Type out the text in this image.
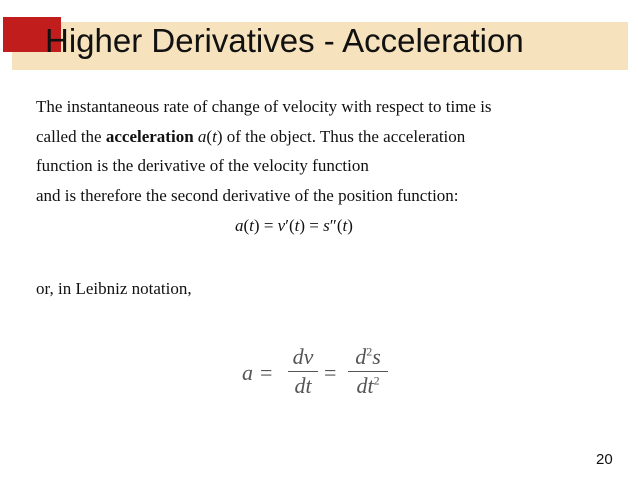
Higher Derivatives - Acceleration
The instantaneous rate of change of velocity with respect to time is
called the acceleration a(t) of the object. Thus the acceleration
function is the derivative of the velocity function
and is therefore the second derivative of the position function:
a(t) = v′(t) = s″(t)
or, in Leibniz notation,
a =
dv
dt
=
$d^2s$
$dt^2$
20
